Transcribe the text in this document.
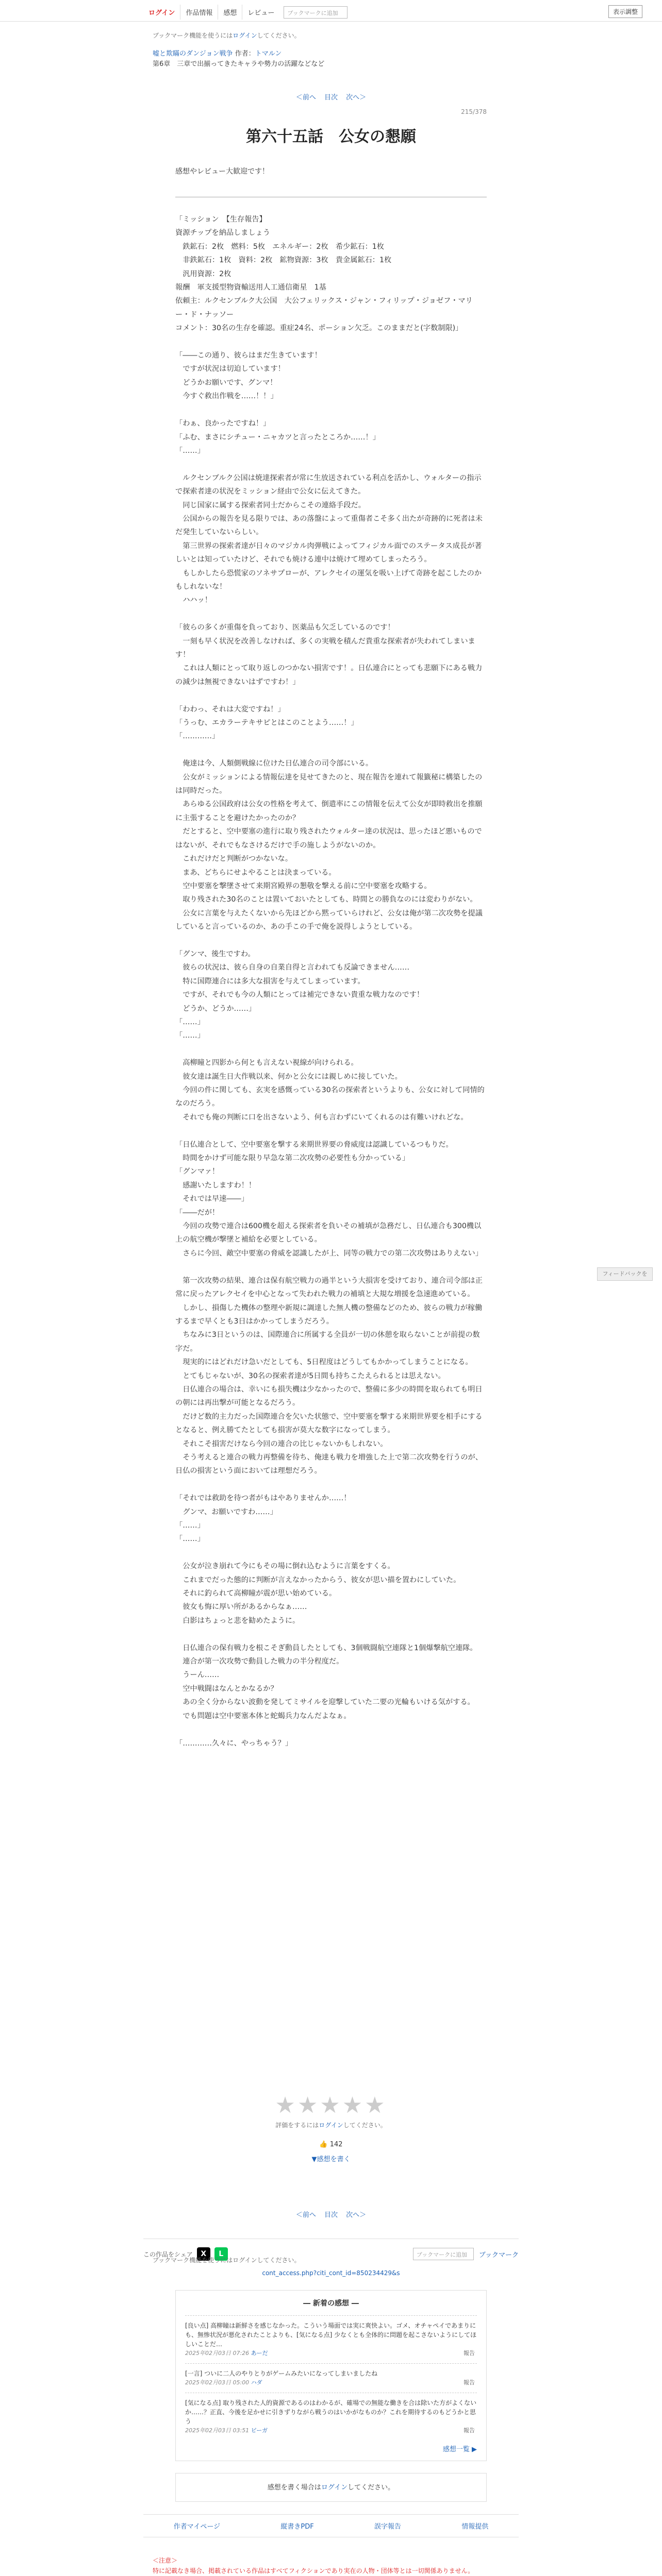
ログイン	作品情報	感想	レビュー	ブックマークに追加	表示調整
ブックマーク機能を使うにはログインしてください。
嘘と欺瞞のダンジョン戦争 作者：トマルン
第6章　三章で出揃ってきたキャラや勢力の活躍などなど
＜前へ 目次 次へ＞
215/378
第六十五話　公女の懇願
感想やレビュー大歓迎です！
「ミッション　【生存報告】
資源チップを納品しましょう
　鉄鉱石：2枚　燃料：5枚　エネルギー：2枚　希少鉱石：1枚
　非鉄鉱石：1枚　資料：2枚　鉱物資源：3枚　貴金属鉱石：1枚
　汎用資源：2枚
報酬　軍支援型物資輸送用人工通信衛星　1基
依頼主：ルクセンブルク大公国　大公フェリックス・ジャン・フィリップ・ジョゼフ・マリー・ド・ナッソー
コメント：30名の生存を確認。重症24名、ポーション欠乏。このままだと(字数制限)」

「――この通り、彼らはまだ生きています！
　ですが状況は切迫しています！
　どうかお願いです、グンマ！
　今すぐ救出作戦を……！！」

「わぁ、良かったですね！」
「ふむ、まさにシチュー・ニャカツと言ったところか……！」
「……」

　ルクセンブルク公国は焼達探索者が常に生放送されている利点を活かし、ウォルターの指示で探索者達の状況をミッション経由で公女に伝えてきた。
　同じ国家に属する探索者同士だからこその連絡手段だ。
　公国からの報告を見る限りでは、あの落盤によって重傷者こそ多く出たが奇跡的に死者は未だ発生していないらしい。
　第三世界の探索者達が日々のマジカル肉弾戦によってフィジカル面でのステータス成長が著しいとは知っていたけど、それでも焼ける連中は焼けて埋めてしまったろう。
　もしかしたら恐慌家のソネサプローが、アレクセイの運気を吸い上げて奇跡を起こしたのかもしれないな！
　ハハッ！

「彼らの多くが重傷を負っており、医薬品も欠乏しているのです！
　一刻も早く状況を改善しなければ、多くの実戦を積んだ貴重な探索者が失われてしまいます！
　これは人類にとって取り返しのつかない損害です！。日仏連合にとっても悲願下にある戦力の減少は無視できないはずですわ！」

「わわっ、それは大変ですね！」
「うっむ、エカラーテキサピとはこのことよう……！」
「…………」

　俺達は今、人類側戦線に位けた日仏連合の司令部にいる。
　公女がミッションによる情報伝達を見せてきたのと、現在報告を連れて報籤秘に構築したのは同時だった。
　あらゆる公国政府は公女の性格を考えて、倒遣率にこの情報を伝えて公女が即時救出を推願に主張することを避けたかったのか？
　だとすると、空中要塞の進行に取り残されたウォルター達の状況は、思ったほど悪いものではないが、それでもなさけるだけで手の施しようがないのか。
　これだけだと判断がつかないな。
　まあ、どちらにせよやることは決まっている。
　空中要塞を撃墜させて来期宮殿界の懇敬を撃える前に空中要塞を攻略する。
　取り残された30名のことは置いておいたとしても、時間との勝負なのには変わりがない。
　公女に言葉を与えたくないから先ほどから黙っていらけれど、公女は俺が第二次攻勢を提議していると言っているのか、あの手この手で俺を説得しようとしている。

「グンマ、後生ですわ。
　彼らの状況は、彼ら自身の自業自得と言われても反論できません……
　特に国際連合には多大な損害を与えてしまっています。
　ですが、それでも今の人類にとっては補完できない貴重な戦力なのです！
　どうか、どうか……」
「……」
「……」

　高柳瞳と四影から何とも言えない視線が向けられる。
　彼女達は誕生日大作戦以来、何かと公女には親しめに接していた。
　今回の件に関しても、玄実を感慨っている30名の探索者というよりも、公女に対して同情的なのだろう。
　それでも俺の判断に口を出さないよう、何も言わずにいてくれるのは有難いけれどな。

「日仏連合として、空中要塞を撃する来期世界要の脅威度は認識しているつもりだ。
　時間をかけず可能な限り早急な第二次攻勢の必要性も分かっている」
「グンマァ！
　感謝いたしますわ！！
　それでは早速――」
「――だが！
　今回の攻勢で連合は600機を超える探索者を負いその補填が急務だし、日仏連合も300機以上の航空機が撃墜と補給を必要としている。
　さらに今回、敵空中要塞の脅威を認識したが上、同等の戦力での第二次攻勢はありえない」

　第一次攻勢の結果、連合は保有航空戦力の過半という大損害を受けており、連合司令部は正常に戻ったアレクセイを中心となって失われた戦力の補填と大規な増援を急速進めている。
　しかし、損傷した機体の整理や新規に調達した無人機の整備などのため、彼らの戦力が稼働するまで早くとも3日はかかってしまうだろう。
　ちなみに3日というのは、国際連合に所属する全員が一切の休憩を取らないことが前提の数字だ。
　現実的にはどれだけ急いだとしても、5日程度はどうしてもかかってしまうことになる。
　とてもじゃないが、30名の探索者達が5日間も持ちこたえられるとは思えない。
　日仏連合の場合は、幸いにも損失機は少なかったので、整備に多少の時間を取られても明日の朝には再出撃が可能となるだろう。
　だけど数的主力だった国際連合を欠いた状態で、空中要塞を撃する来期世界要を相手にするとなると、例え勝てたとしても損害が莫大な数字になってしまう。
　それこそ損害だけなら今回の連合の比じゃないかもしれない。
　そう考えると連合の戦力再整備を待ち、俺達も戦力を増強した上で第二次攻勢を行うのが、日仏の損害という面においては理想だろう。

「それでは救助を待つ者がもはやありませんか……！
　グンマ、お願いですわ……」
「……」
「……」

　公女が泣き崩れて今にもその場に倒れ込むように言葉をすくる。
　これまでだった態的に判断が言えなかったからう、彼女が思い描を置わにしていた。
　それに釣られて高柳瞳が震が思い始めている。
　彼女も悔に厚い所があるからなぁ……
　白影はちょっと悲を勧めたように。

　日仏連合の保有戦力を根こそぎ動員したとしても、3個戦闘航空連隊と1個爆撃航空連隊。
　連合が第一次攻勢で動員した戦力の半分程度だ。
　うーん……
　空中戦闘はなんとかなるか？
　あの全く分からない波動を発してミサイルを迎撃していた二要の光輪もいける気がする。
　でも問題は空中要塞本体と蛇蝎兵力なんだよなぁ。

「…………久々に、やっちゃう？」
フィードバックを
★★★★★
評価をするにはログインしてください。
👍 142
▼感想を書く
＜前へ 目次 次へ＞
この作品をシェア	X	L	ブックマークに追加	ブックマーク
ブックマーク機能を使うにはログインしてください。
cont_access.php?citi_cont_id=850234429&s
― 新着の感想 ―
[良い点] 高柳瞳は新鮮さを感じなかった。こういう場面では実に爽快よい。ゴメ、オチャペイであまりにも、無惨状況が悪化されたことよりも、[気になる点] 少なくとも全体的に問題を起こさないようにしてほしいことだ…
2025年02月03日 07:26 あーだ	報告
[一言] ついに二人のやりとりがゲームみたいになってしまいましたね
2025年02月03日 05:00 ハダ	報告
[気になる点] 取り残された人的資源であるのはわかるが、確場での無能な働きを合は除いた方がよくないか……？正直、今後を足かせに引きずりながら戦うのはいかがなものか？これを期待するのもどうかと思う
2025年02月03日 03:51 ビーガ	報告
感想一覧 ▶
感想を書く場合はログインしてください。
作者マイページ	縦書きPDF	誤字報告	情報提供
＜注意＞
特に記載なき場合、掲載されている作品はすべてフィクションであり実在の人物・団体等とは一切関係ありません。
